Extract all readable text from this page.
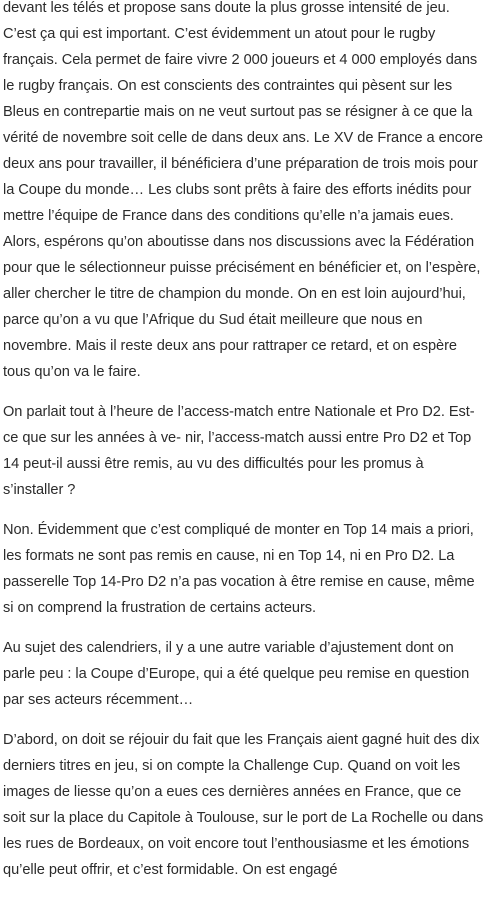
devant les télés et propose sans doute la plus grosse intensité de jeu. C’est ça qui est important. C’est évidemment un atout pour le rugby français. Cela permet de faire vivre 2 000 joueurs et 4 000 employés dans le rugby français. On est conscients des contraintes qui pèsent sur les Bleus en contrepartie mais on ne veut surtout pas se résigner à ce que la vérité de novembre soit celle de dans deux ans. Le XV de France a encore deux ans pour travailler, il bénéficiera d’une préparation de trois mois pour la Coupe du monde… Les clubs sont prêts à faire des efforts inédits pour mettre l’équipe de France dans des conditions qu’elle n’a jamais eues. Alors, espérons qu’on aboutisse dans nos discussions avec la Fédération pour que le sélectionneur puisse précisément en bénéficier et, on l’espère, aller chercher le titre de champion du monde. On en est loin aujourd’hui, parce qu’on a vu que l’Afrique du Sud était meilleure que nous en novembre. Mais il reste deux ans pour rattraper ce retard, et on espère tous qu’on va le faire.

On parlait tout à l’heure de l’access-match entre Nationale et Pro D2. Est-ce que sur les années à ve- nir, l’access-match aussi entre Pro D2 et Top 14 peut-il aussi être remis, au vu des difficultés pour les promus à s’installer ?

Non. Évidemment que c’est compliqué de monter en Top 14 mais a priori, les formats ne sont pas remis en cause, ni en Top 14, ni en Pro D2. La passerelle Top 14-Pro D2 n’a pas vocation à être remise en cause, même si on comprend la frustration de certains acteurs.

Au sujet des calendriers, il y a une autre variable d’ajustement dont on parle peu : la Coupe d’Europe, qui a été quelque peu remise en question par ses acteurs récemment…

D’abord, on doit se réjouir du fait que les Français aient gagné huit des dix derniers titres en jeu, si on compte la Challenge Cup. Quand on voit les images de liesse qu’on a eues ces dernières années en France, que ce soit sur la place du Capitole à Toulouse, sur le port de La Rochelle ou dans les rues de Bordeaux, on voit encore tout l’enthousiasme et les émotions qu’elle peut offrir, et c’est formidable. On est engagé
